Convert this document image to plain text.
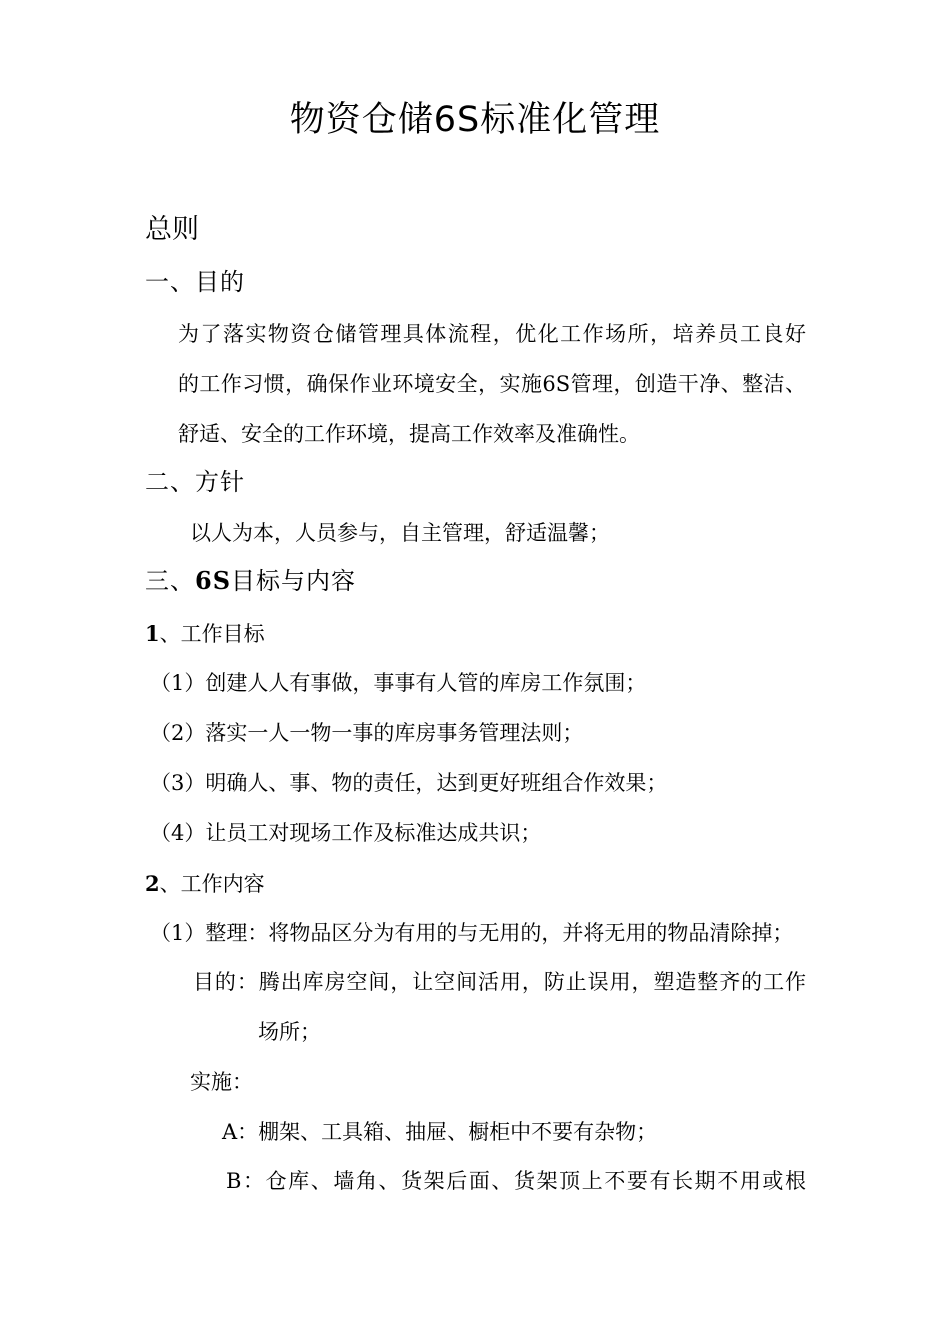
物资仓储6S标准化管理
总则
一、目的
为了落实物资仓储管理具体流程，优化工作场所，培养员工良好
的工作习惯，确保作业环境安全，实施6S管理，创造干净、整洁、
舒适、安全的工作环境，提高工作效率及准确性。
二、方针
以人为本，人员参与，自主管理，舒适温馨；
三、6S目标与内容
1、工作目标
（1）创建人人有事做，事事有人管的库房工作氛围；
（2）落实一人一物一事的库房事务管理法则；
（3）明确人、事、物的责任，达到更好班组合作效果；
（4）让员工对现场工作及标准达成共识；
2、工作内容
（1）整理：将物品区分为有用的与无用的，并将无用的物品清除掉；
目的：腾出库房空间，让空间活用，防止误用，塑造整齐的工作
场所；
实施：
A：棚架、工具箱、抽屉、橱柜中不要有杂物；
B：仓库、墙角、货架后面、货架顶上不要有长期不用或根
